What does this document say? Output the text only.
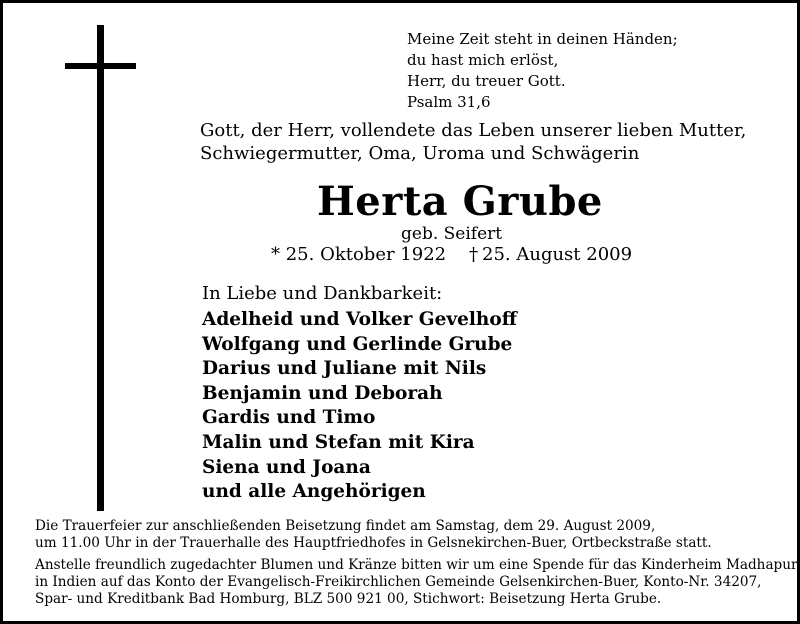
Meine Zeit steht in deinen Händen;
du hast mich erlöst,
Herr, du treuer Gott.
Psalm 31,6
Gott, der Herr, vollendete das Leben unserer lieben Mutter,
Schwiegermutter, Oma, Uroma und Schwägerin
Herta Grube
geb. Seifert
* 25. Oktober 1922 † 25. August 2009
In Liebe und Dankbarkeit:
Adelheid und Volker Gevelhoff
Wolfgang und Gerlinde Grube
Darius und Juliane mit Nils
Benjamin und Deborah
Gardis und Timo
Malin und Stefan mit Kira
Siena und Joana
und alle Angehörigen
Die Trauerfeier zur anschließenden Beisetzung findet am Samstag, dem 29. August 2009,
um 11.00 Uhr in der Trauerhalle des Hauptfriedhofes in Gelsnekirchen-Buer, Ortbeckstraße statt.
Anstelle freundlich zugedachter Blumen und Kränze bitten wir um eine Spende für das Kinderheim Madhapur
in Indien auf das Konto der Evangelisch-Freikirchlichen Gemeinde Gelsenkirchen-Buer, Konto-Nr. 34207,
Spar- und Kreditbank Bad Homburg, BLZ 500 921 00, Stichwort: Beisetzung Herta Grube.
